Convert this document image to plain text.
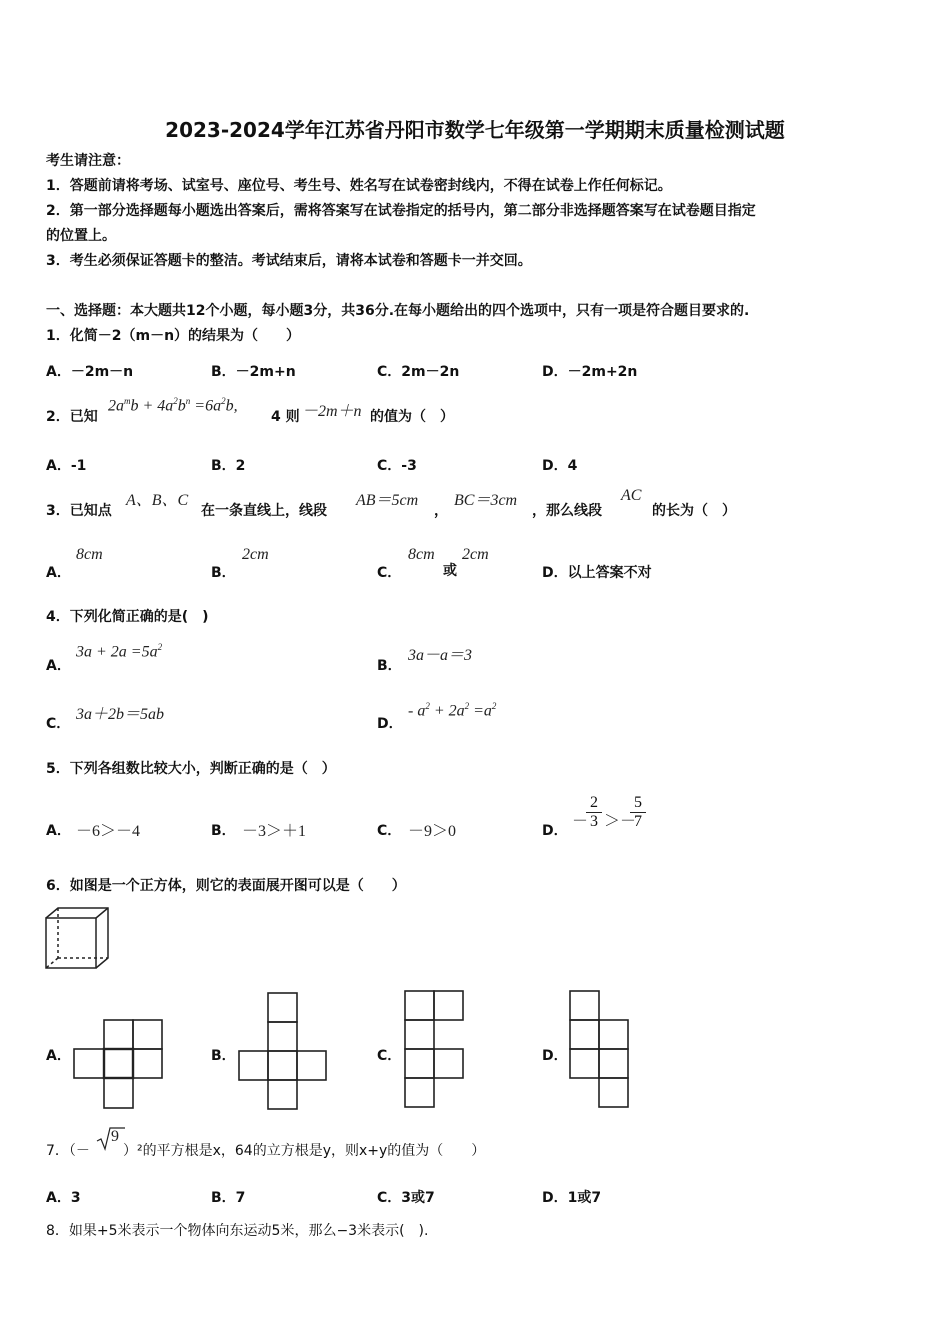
2023-2024学年江苏省丹阳市数学七年级第一学期期末质量检测试题
考生请注意：
1．答题前请将考场、试室号、座位号、考生号、姓名写在试卷密封线内，不得在试卷上作任何标记。
2．第一部分选择题每小题选出答案后，需将答案写在试卷指定的括号内，第二部分非选择题答案写在试卷题目指定
的位置上。
3．考生必须保证答题卡的整洁。考试结束后，请将本试卷和答题卡一并交回。
一、选择题：本大题共12个小题，每小题3分，共36分.在每小题给出的四个选项中，只有一项是符合题目要求的.
1．化简－2（m－n）的结果为（　　）
A．－2m－n	B．－2m+n	C．2m－2n	D．－2m+2n
2．已知
$2a^mb + 4a^2b^n =6a^2b$,
4 则 －2m＋n 的值为（　）
A．-1	B．2	C．-3	D．4
3．已知点
A、B、C
在一条直线上，线段
AB＝5cm
，
BC＝3cm
，那么线段
AC
的长为（　）
A．
8cm
B．
2cm
C．
8cm
或
2cm
D．以上答案不对
4．下列化简正确的是(　)
A．
$3a + 2a =5a^2$
B．
3a－a＝3
C．
3a＋2b＝5ab
D．
- $a^2 + 2a^2 =a^2$
5．下列各组数比较大小，判断正确的是（　）
A． －6＞－4	B． －3＞＋1	C． －9＞0	D．
－
$\frac{2}{3}$ ＞－
$\frac{5}{7}$
6．如图是一个正方体，则它的表面展开图可以是（　　）
A．	B．	C．	D．
7．（－
9
）²的平方根是x，64的立方根是y，则x+y的值为（　　）
A．3	B．7	C．3或7	D．1或7
8．如果+5米表示一个物体向东运动5米，那么−3米表示(　).
